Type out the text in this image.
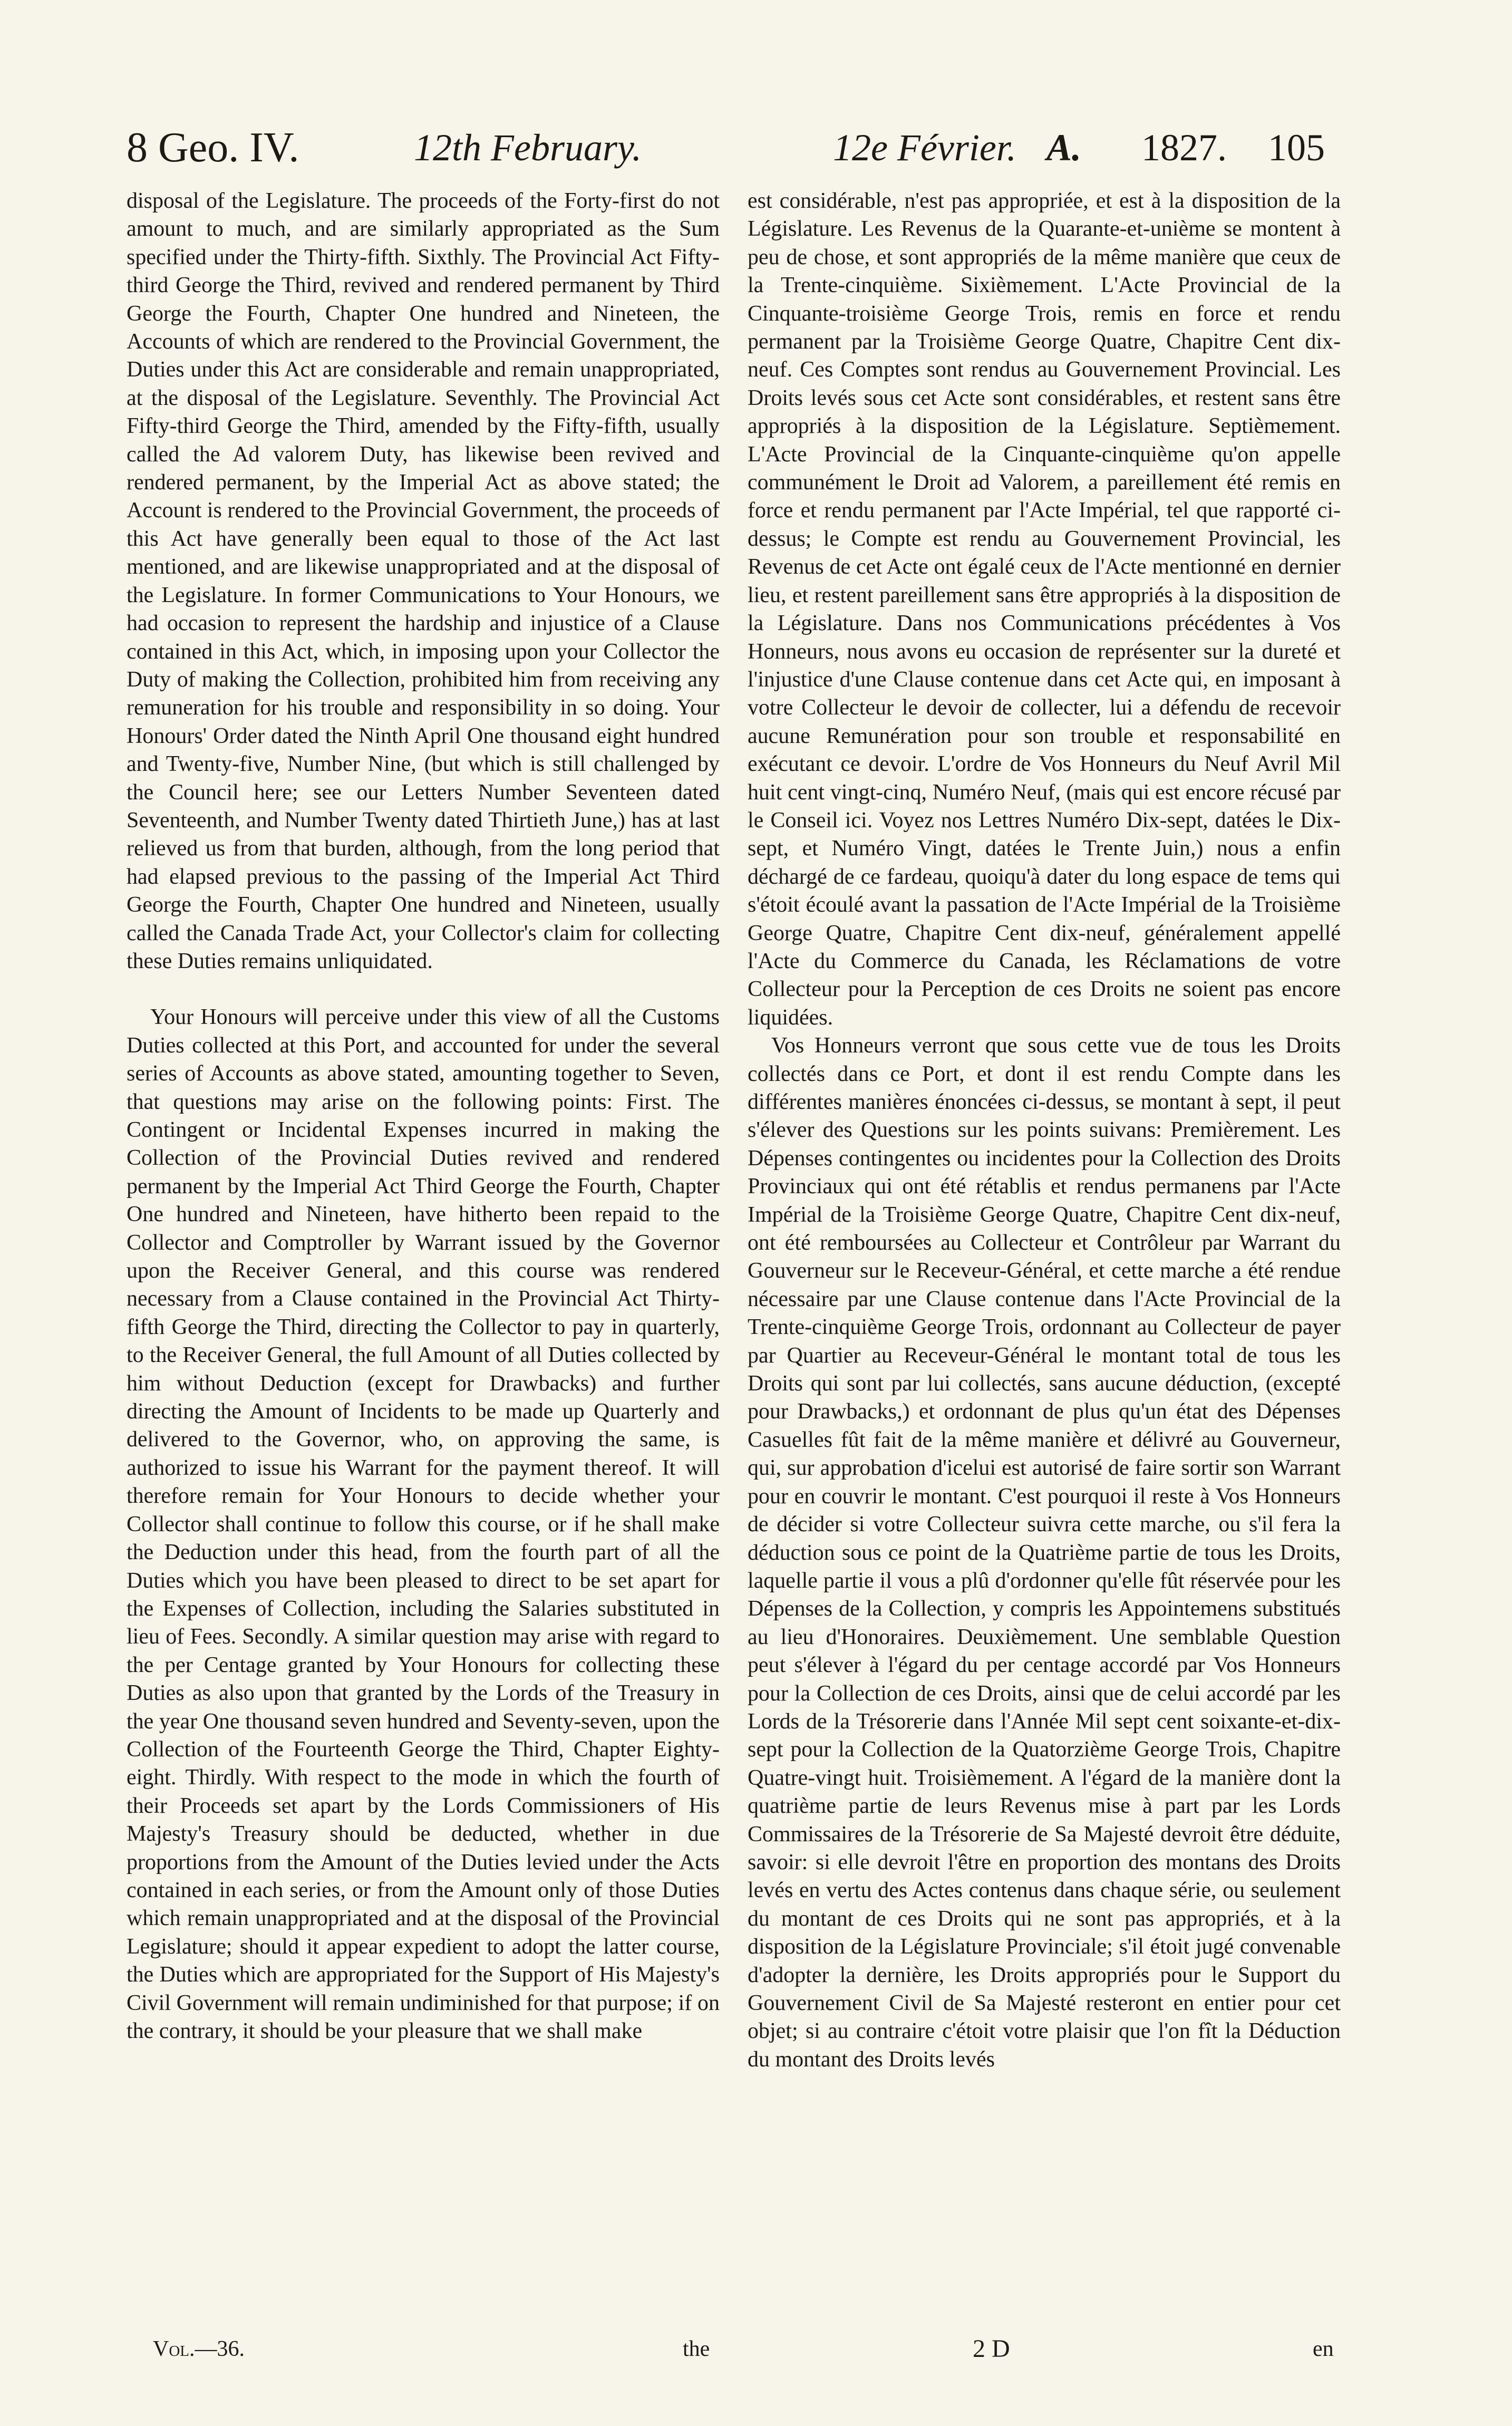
8 Geo. IV.	12th February.	12e Février. A. 1827. 105

disposal of the Legislature. The proceeds of the Forty-first do not amount to much, and are similarly appropriated as the Sum specified under the Thirty-fifth. Sixthly. The Provincial Act Fifty-third George the Third, revived and rendered permanent by Third George the Fourth, Chapter One hundred and Nineteen, the Accounts of which are rendered to the Provincial Government, the Duties under this Act are considerable and remain unappropriated, at the disposal of the Legislature. Seventhly. The Provincial Act Fifty-third George the Third, amended by the Fifty-fifth, usually called the Ad valorem Duty, has likewise been revived and rendered permanent, by the Imperial Act as above stated; the Account is rendered to the Provincial Government, the proceeds of this Act have generally been equal to those of the Act last mentioned, and are likewise unappropriated and at the disposal of the Legislature. In former Communications to Your Honours, we had occasion to represent the hardship and injustice of a Clause contained in this Act, which, in imposing upon your Collector the Duty of making the Collection, prohibited him from receiving any remuneration for his trouble and responsibility in so doing. Your Honours' Order dated the Ninth April One thousand eight hundred and Twenty-five, Number Nine, (but which is still challenged by the Council here; see our Letters Number Seventeen dated Seventeenth, and Number Twenty dated Thirtieth June,) has at last relieved us from that burden, although, from the long period that had elapsed previous to the passing of the Imperial Act Third George the Fourth, Chapter One hundred and Nineteen, usually called the Canada Trade Act, your Collector's claim for collecting these Duties remains unliquidated.

Your Honours will perceive under this view of all the Customs Duties collected at this Port, and accounted for under the several series of Accounts as above stated, amounting together to Seven, that questions may arise on the following points: First. The Contingent or Incidental Expenses incurred in making the Collection of the Provincial Duties revived and rendered permanent by the Imperial Act Third George the Fourth, Chapter One hundred and Nineteen, have hitherto been repaid to the Collector and Comptroller by Warrant issued by the Governor upon the Receiver General, and this course was rendered necessary from a Clause contained in the Provincial Act Thirty-fifth George the Third, directing the Collector to pay in quarterly, to the Receiver General, the full Amount of all Duties collected by him without Deduction (except for Drawbacks) and further directing the Amount of Incidents to be made up Quarterly and delivered to the Governor, who, on approving the same, is authorized to issue his Warrant for the payment thereof. It will therefore remain for Your Honours to decide whether your Collector shall continue to follow this course, or if he shall make the Deduction under this head, from the fourth part of all the Duties which you have been pleased to direct to be set apart for the Expenses of Collection, including the Salaries substituted in lieu of Fees. Secondly. A similar question may arise with regard to the per Centage granted by Your Honours for collecting these Duties as also upon that granted by the Lords of the Treasury in the year One thousand seven hundred and Seventy-seven, upon the Collection of the Fourteenth George the Third, Chapter Eighty-eight. Thirdly. With respect to the mode in which the fourth of their Proceeds set apart by the Lords Commissioners of His Majesty's Treasury should be deducted, whether in due proportions from the Amount of the Duties levied under the Acts contained in each series, or from the Amount only of those Duties which remain unappropriated and at the disposal of the Provincial Legislature; should it appear expedient to adopt the latter course, the Duties which are appropriated for the Support of His Majesty's Civil Government will remain undiminished for that purpose; if on the contrary, it should be your pleasure that we shall make

est considérable, n'est pas appropriée, et est à la disposition de la Législature. Les Revenus de la Quarante-et-unième se montent à peu de chose, et sont appropriés de la même manière que ceux de la Trente-cinquième. Sixièmement. L'Acte Provincial de la Cinquante-troisième George Trois, remis en force et rendu permanent par la Troisième George Quatre, Chapitre Cent dix-neuf. Ces Comptes sont rendus au Gouvernement Provincial. Les Droits levés sous cet Acte sont considérables, et restent sans être appropriés à la disposition de la Législature. Septièmement. L'Acte Provincial de la Cinquante-cinquième qu'on appelle communément le Droit ad Valorem, a pareillement été remis en force et rendu permanent par l'Acte Impérial, tel que rapporté ci-dessus; le Compte est rendu au Gouvernement Provincial, les Revenus de cet Acte ont égalé ceux de l'Acte mentionné en dernier lieu, et restent pareillement sans être appropriés à la disposition de la Législature. Dans nos Communications précédentes à Vos Honneurs, nous avons eu occasion de représenter sur la dureté et l'injustice d'une Clause contenue dans cet Acte qui, en imposant à votre Collecteur le devoir de collecter, lui a défendu de recevoir aucune Remunération pour son trouble et responsabilité en exécutant ce devoir. L'ordre de Vos Honneurs du Neuf Avril Mil huit cent vingt-cinq, Numéro Neuf, (mais qui est encore récusé par le Conseil ici. Voyez nos Lettres Numéro Dix-sept, datées le Dix-sept, et Numéro Vingt, datées le Trente Juin,) nous a enfin déchargé de ce fardeau, quoiqu'à dater du long espace de tems qui s'étoit écoulé avant la passation de l'Acte Impérial de la Troisième George Quatre, Chapitre Cent dix-neuf, généralement appellé l'Acte du Commerce du Canada, les Réclamations de votre Collecteur pour la Perception de ces Droits ne soient pas encore liquidées.

Vos Honneurs verront que sous cette vue de tous les Droits collectés dans ce Port, et dont il est rendu Compte dans les différentes manières énoncées ci-dessus, se montant à sept, il peut s'élever des Questions sur les points suivans: Premièrement. Les Dépenses contingentes ou incidentes pour la Collection des Droits Provinciaux qui ont été rétablis et rendus permanens par l'Acte Impérial de la Troisième George Quatre, Chapitre Cent dix-neuf, ont été remboursées au Collecteur et Contrôleur par Warrant du Gouverneur sur le Receveur-Général, et cette marche a été rendue nécessaire par une Clause contenue dans l'Acte Provincial de la Trente-cinquième George Trois, ordonnant au Collecteur de payer par Quartier au Receveur-Général le montant total de tous les Droits qui sont par lui collectés, sans aucune déduction, (excepté pour Drawbacks,) et ordonnant de plus qu'un état des Dépenses Casuelles fût fait de la même manière et délivré au Gouverneur, qui, sur approbation d'icelui est autorisé de faire sortir son Warrant pour en couvrir le montant. C'est pourquoi il reste à Vos Honneurs de décider si votre Collecteur suivra cette marche, ou s'il fera la déduction sous ce point de la Quatrième partie de tous les Droits, laquelle partie il vous a plû d'ordonner qu'elle fût réservée pour les Dépenses de la Collection, y compris les Appointemens substitués au lieu d'Honoraires. Deuxièmement. Une semblable Question peut s'élever à l'égard du per centage accordé par Vos Honneurs pour la Collection de ces Droits, ainsi que de celui accordé par les Lords de la Trésorerie dans l'Année Mil sept cent soixante-et-dix-sept pour la Collection de la Quatorzième George Trois, Chapitre Quatre-vingt huit. Troisièmement. A l'égard de la manière dont la quatrième partie de leurs Revenus mise à part par les Lords Commissaires de la Trésorerie de Sa Majesté devroit être déduite, savoir: si elle devroit l'être en proportion des montans des Droits levés en vertu des Actes contenus dans chaque série, ou seulement du montant de ces Droits qui ne sont pas appropriés, et à la disposition de la Législature Provinciale; s'il étoit jugé convenable d'adopter la dernière, les Droits appropriés pour le Support du Gouvernement Civil de Sa Majesté resteront en entier pour cet objet; si au contraire c'étoit votre plaisir que l'on fît la Déduction du montant des Droits levés

Vol.—36.	the	2 D	en
